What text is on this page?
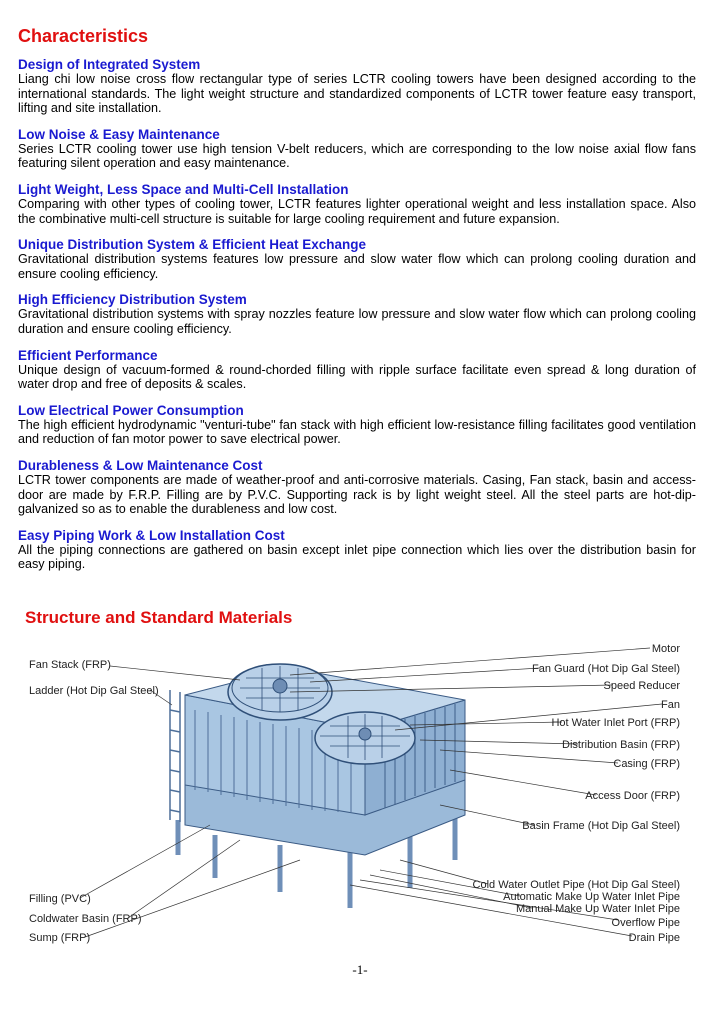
Characteristics
Design of Integrated System

Liang chi low noise cross flow rectangular type of series LCTR cooling towers have been designed according to the international standards. The light weight structure and standardized components of LCTR tower feature easy transport, lifting and site installation.

Low Noise & Easy Maintenance

Series LCTR cooling tower use high tension V-belt reducers, which are corresponding to the low noise axial flow fans featuring silent operation and easy maintenance.

Light Weight, Less Space and Multi-Cell Installation

Comparing with other types of cooling tower, LCTR features lighter operational weight and less installation space. Also the combinative multi-cell structure is suitable for large cooling requirement and future expansion.

Unique Distribution System & Efficient Heat Exchange

Gravitational distribution systems features low pressure and slow water flow which can prolong cooling duration and ensure cooling efficiency.

High Efficiency Distribution System

Gravitational distribution systems with spray nozzles feature low pressure and slow water flow which can prolong cooling duration and ensure cooling efficiency.

Efficient Performance

Unique design of vacuum-formed & round-chorded filling with ripple surface facilitate even spread & long duration of water drop and free of deposits & scales.

Low Electrical Power Consumption

The high efficient hydrodynamic "venturi-tube" fan stack with high efficient low-resistance filling facilitates good ventilation and reduction of fan motor power to save electrical power.

Durableness & Low Maintenance Cost

LCTR tower components are made of weather-proof and anti-corrosive materials. Casing, Fan stack, basin and access-door are made by F.R.P. Filling are by P.V.C. Supporting rack is by light weight steel. All the steel parts are hot-dip-galvanized so as to enable the durableness and low cost.

Easy Piping Work & Low Installation Cost

All the piping connections are gathered on basin except inlet pipe connection which lies over the distribution basin for easy piping.

Structure and Standard Materials
Fan Stack (FRP)
Ladder (Hot Dip Gal Steel)
Filling (PVC)
Coldwater Basin (FRP)
Sump (FRP)
Motor
Fan Guard (Hot Dip Gal Steel)
Speed Reducer
Fan
Hot Water Inlet Port (FRP)
Distribution Basin (FRP)
Casing (FRP)
Access Door (FRP)
Basin Frame (Hot Dip Gal Steel)
Cold Water Outlet Pipe (Hot Dip Gal Steel)
Automatic Make Up Water Inlet Pipe
Manual Make Up Water Inlet Pipe
Overflow Pipe
Drain Pipe
-1-
